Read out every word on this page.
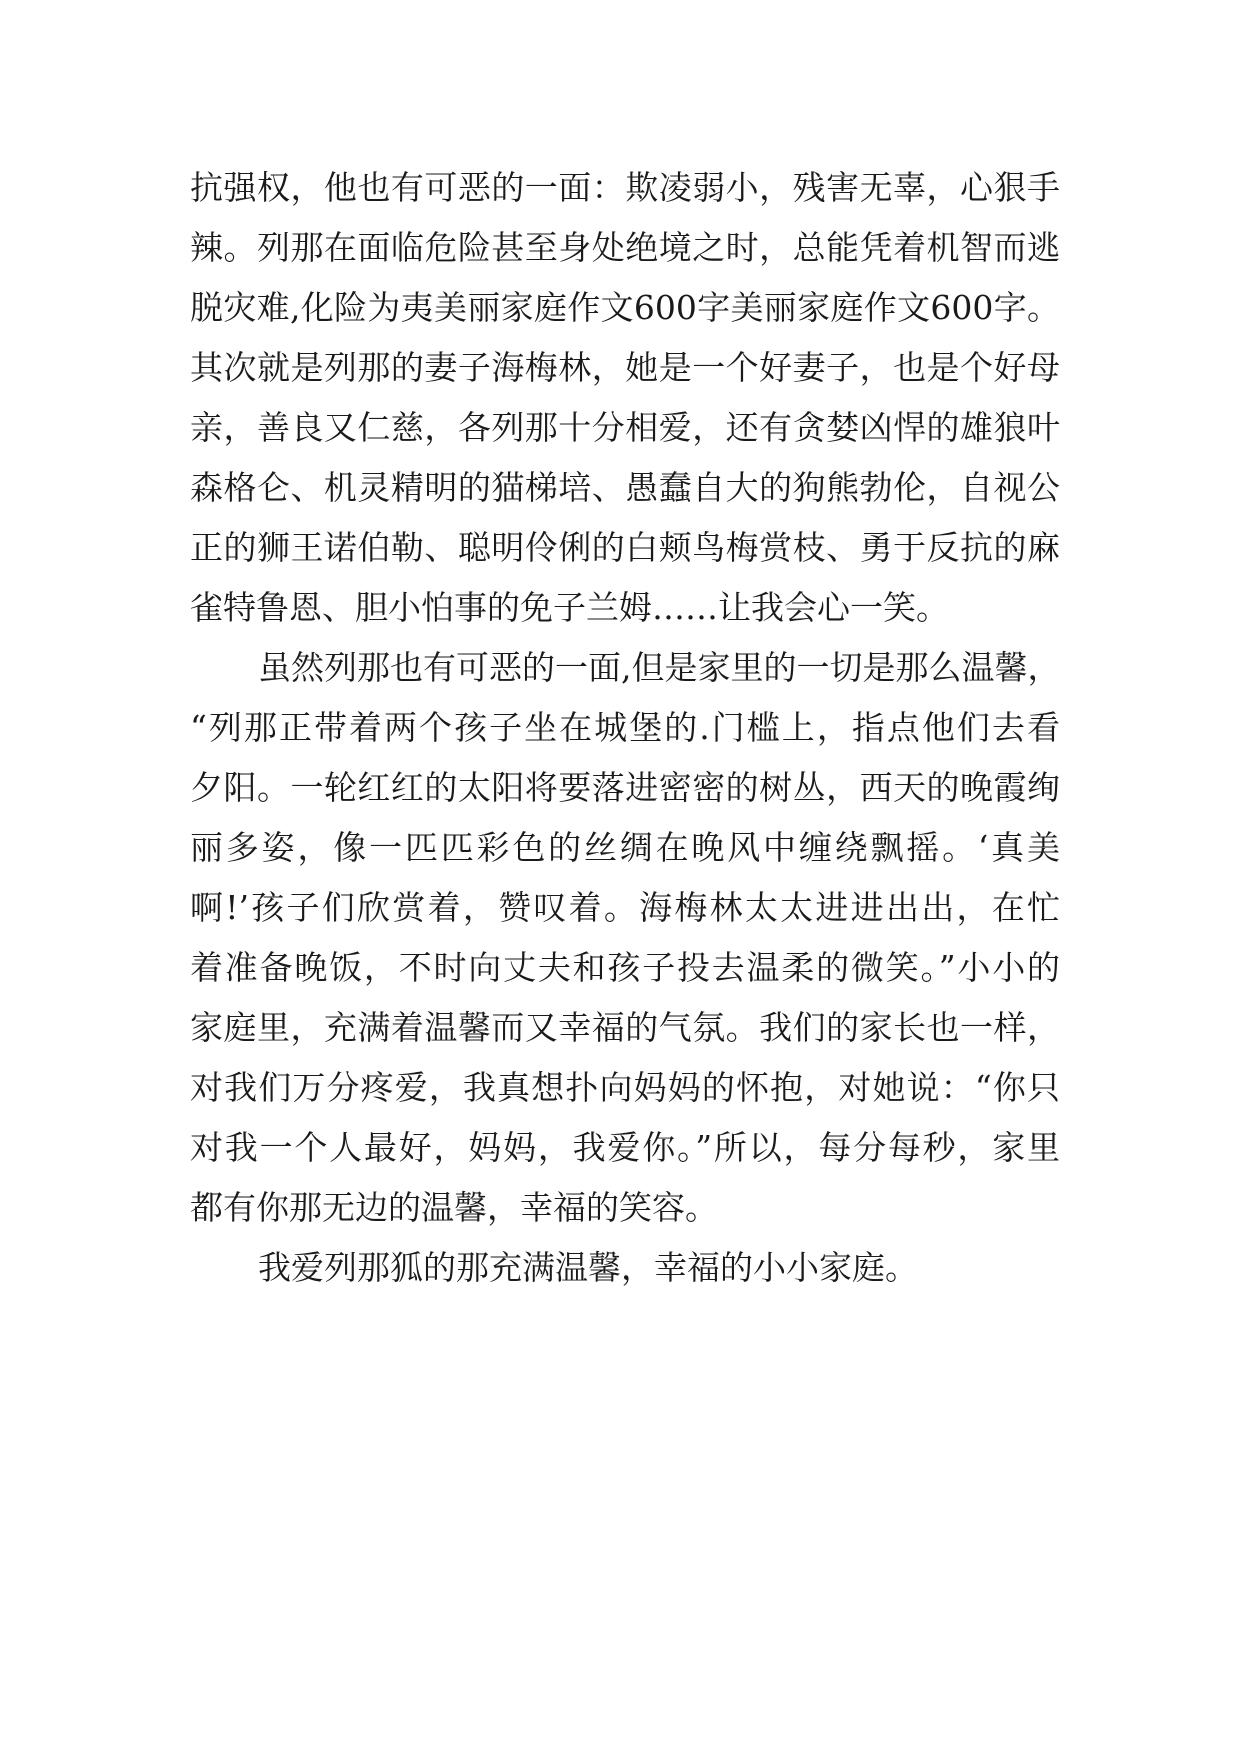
抗强权，他也有可恶的一面：欺凌弱小，残害无辜，心狠手
辣。列那在面临危险甚至身处绝境之时，总能凭着机智而逃
脱灾难,化险为夷美丽家庭作文600字美丽家庭作文600字。
其次就是列那的妻子海梅林，她是一个好妻子，也是个好母
亲，善良又仁慈，各列那十分相爱，还有贪婪凶悍的雄狼叶
森格仑、机灵精明的猫梯培、愚蠢自大的狗熊勃伦，自视公
正的狮王诺伯勒、聪明伶俐的白颊鸟梅赏枝、勇于反抗的麻
雀特鲁恩、胆小怕事的免子兰姆……让我会心一笑。
虽然列那也有可恶的一面,但是家里的一切是那么温馨，
“列那正带着两个孩子坐在城堡的.门槛上，指点他们去看
夕阳。一轮红红的太阳将要落进密密的树丛，西天的晚霞绚
丽多姿，像一匹匹彩色的丝绸在晚风中缠绕飘摇。‘真美
啊!’孩子们欣赏着，赞叹着。海梅林太太进进出出，在忙
着准备晚饭，不时向丈夫和孩子投去温柔的微笑。”小小的
家庭里，充满着温馨而又幸福的气氛。我们的家长也一样，
对我们万分疼爱，我真想扑向妈妈的怀抱，对她说：“你只
对我一个人最好，妈妈，我爱你。”所以，每分每秒，家里
都有你那无边的温馨，幸福的笑容。
我爱列那狐的那充满温馨，幸福的小小家庭。
